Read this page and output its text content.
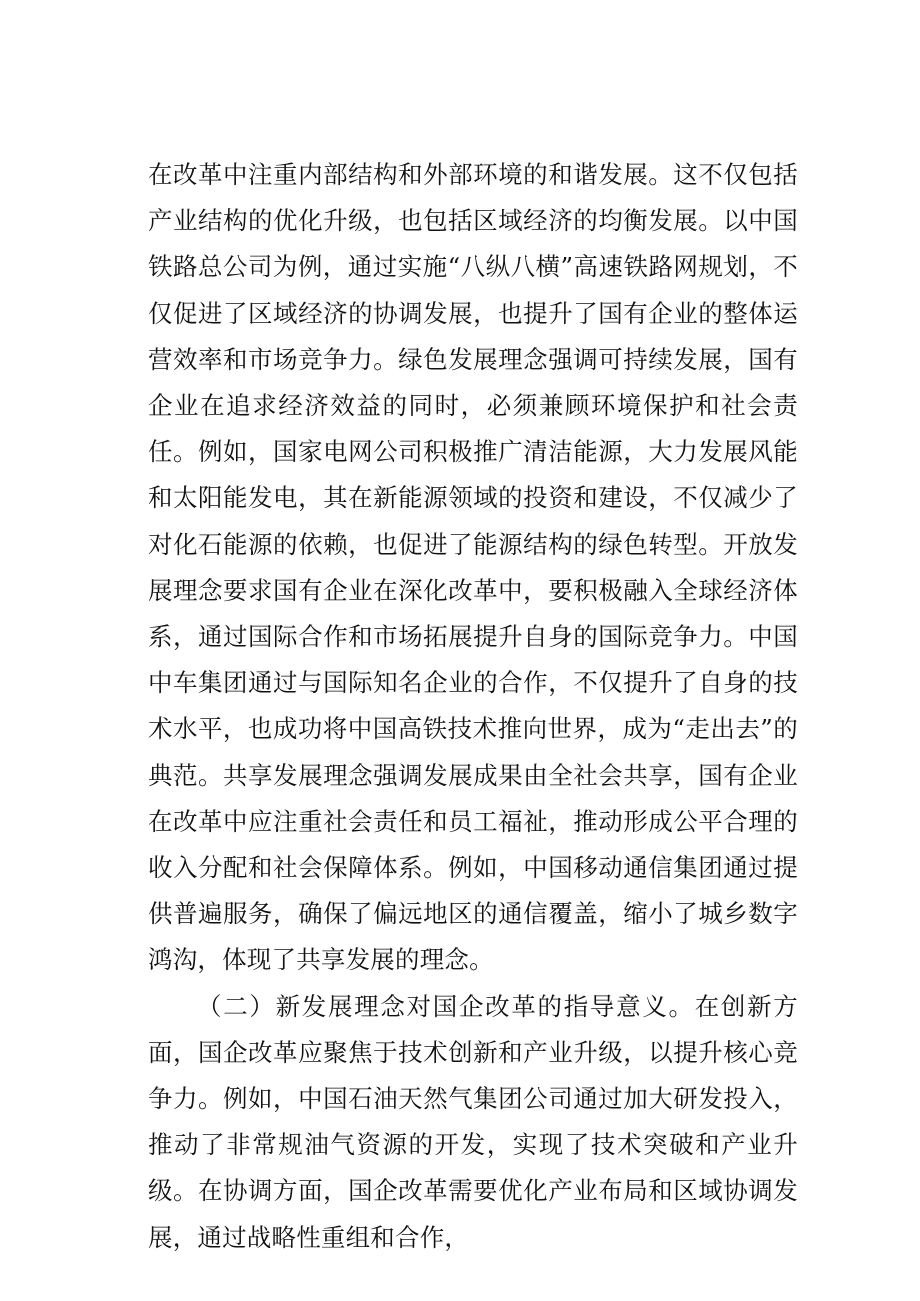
在改革中注重内部结构和外部环境的和谐发展。这不仅包括产业结构的优化升级，也包括区域经济的均衡发展。以中国铁路总公司为例，通过实施“八纵八横”高速铁路网规划，不仅促进了区域经济的协调发展，也提升了国有企业的整体运营效率和市场竞争力。绿色发展理念强调可持续发展，国有企业在追求经济效益的同时，必须兼顾环境保护和社会责任。例如，国家电网公司积极推广清洁能源，大力发展风能和太阳能发电，其在新能源领域的投资和建设，不仅减少了对化石能源的依赖，也促进了能源结构的绿色转型。开放发展理念要求国有企业在深化改革中，要积极融入全球经济体系，通过国际合作和市场拓展提升自身的国际竞争力。中国中车集团通过与国际知名企业的合作，不仅提升了自身的技术水平，也成功将中国高铁技术推向世界，成为“走出去”的典范。共享发展理念强调发展成果由全社会共享，国有企业在改革中应注重社会责任和员工福祉，推动形成公平合理的收入分配和社会保障体系。例如，中国移动通信集团通过提供普遍服务，确保了偏远地区的通信覆盖，缩小了城乡数字鸿沟，体现了共享发展的理念。

（二）新发展理念对国企改革的指导意义。在创新方面，国企改革应聚焦于技术创新和产业升级，以提升核心竞争力。例如，中国石油天然气集团公司通过加大研发投入，推动了非常规油气资源的开发，实现了技术突破和产业升级。在协调方面，国企改革需要优化产业布局和区域协调发展，通过战略性重组和合作，
